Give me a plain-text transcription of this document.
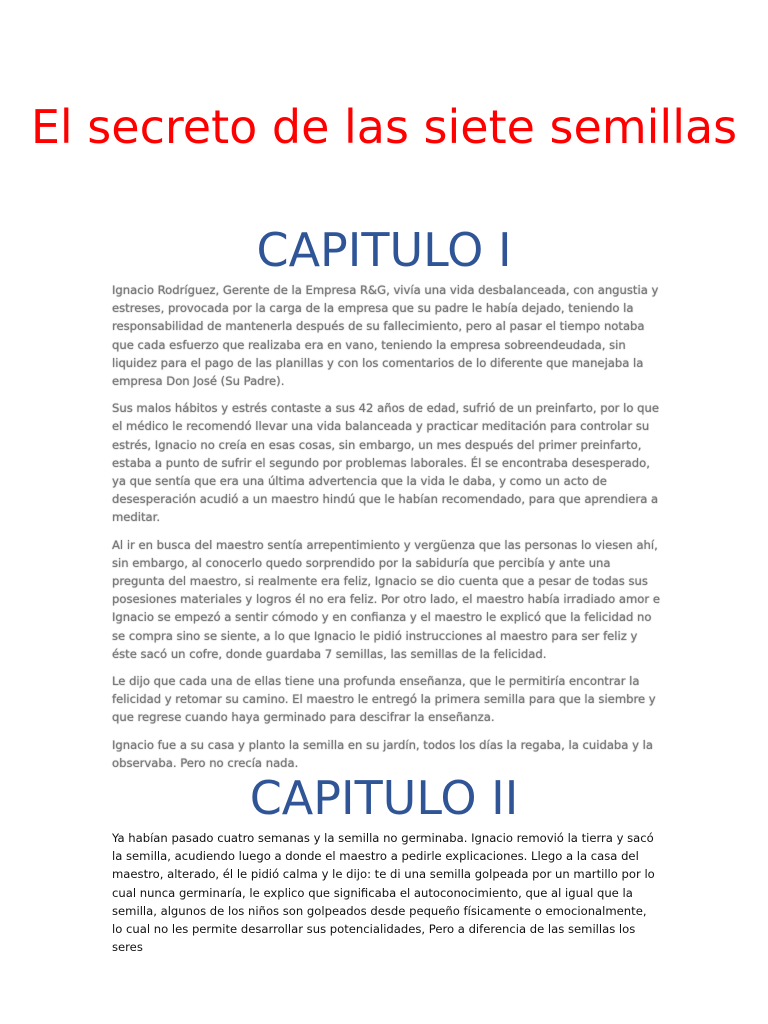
El secreto de las siete semillas
CAPITULO I

Ignacio Rodríguez, Gerente de la Empresa R&G, vivía una vida desbalanceada, con angustia y estreses, provocada por la carga de la empresa que su padre le había dejado, teniendo la responsabilidad de mantenerla después de su fallecimiento, pero al pasar el tiempo notaba que cada esfuerzo que realizaba era en vano, teniendo la empresa sobreendeudada, sin liquidez para el pago de las planillas y con los comentarios de lo diferente que manejaba la empresa Don José (Su Padre).

Sus malos hábitos y estrés contaste a sus 42 años de edad, sufrió de un preinfarto, por lo que el médico le recomendó llevar una vida balanceada y practicar meditación para controlar su estrés, Ignacio no creía en esas cosas, sin embargo, un mes después del primer preinfarto, estaba a punto de sufrir el segundo por problemas laborales. Él se encontraba desesperado, ya que sentía que era una última advertencia que la vida le daba, y como un acto de desesperación acudió a un maestro hindú que le habían recomendado, para que aprendiera a meditar.

Al ir en busca del maestro sentía arrepentimiento y vergüenza que las personas lo viesen ahí, sin embargo, al conocerlo quedo sorprendido por la sabiduría que percibía y ante una pregunta del maestro, si realmente era feliz, Ignacio se dio cuenta que a pesar de todas sus posesiones materiales y logros él no era feliz. Por otro lado, el maestro había irradiado amor e Ignacio se empezó a sentir cómodo y en confianza y el maestro le explicó que la felicidad no se compra sino se siente, a lo que Ignacio le pidió instrucciones al maestro para ser feliz y éste sacó un cofre, donde guardaba 7 semillas, las semillas de la felicidad.

Le dijo que cada una de ellas tiene una profunda enseñanza, que le permitiría encontrar la felicidad y retomar su camino. El maestro le entregó la primera semilla para que la siembre y que regrese cuando haya germinado para descifrar la enseñanza.

Ignacio fue a su casa y planto la semilla en su jardín, todos los días la regaba, la cuidaba y la observaba. Pero no crecía nada.

CAPITULO II

Ya habían pasado cuatro semanas y la semilla no germinaba. Ignacio removió la tierra y sacó la semilla, acudiendo luego a donde el maestro a pedirle explicaciones. Llego a la casa del maestro, alterado, él le pidió calma y le dijo: te di una semilla golpeada por un martillo por lo cual nunca germinaría, le explico que significaba el autoconocimiento, que al igual que la semilla, algunos de los niños son golpeados desde pequeño físicamente o emocionalmente, lo cual no les permite desarrollar sus potencialidades, Pero a diferencia de las semillas los seres
